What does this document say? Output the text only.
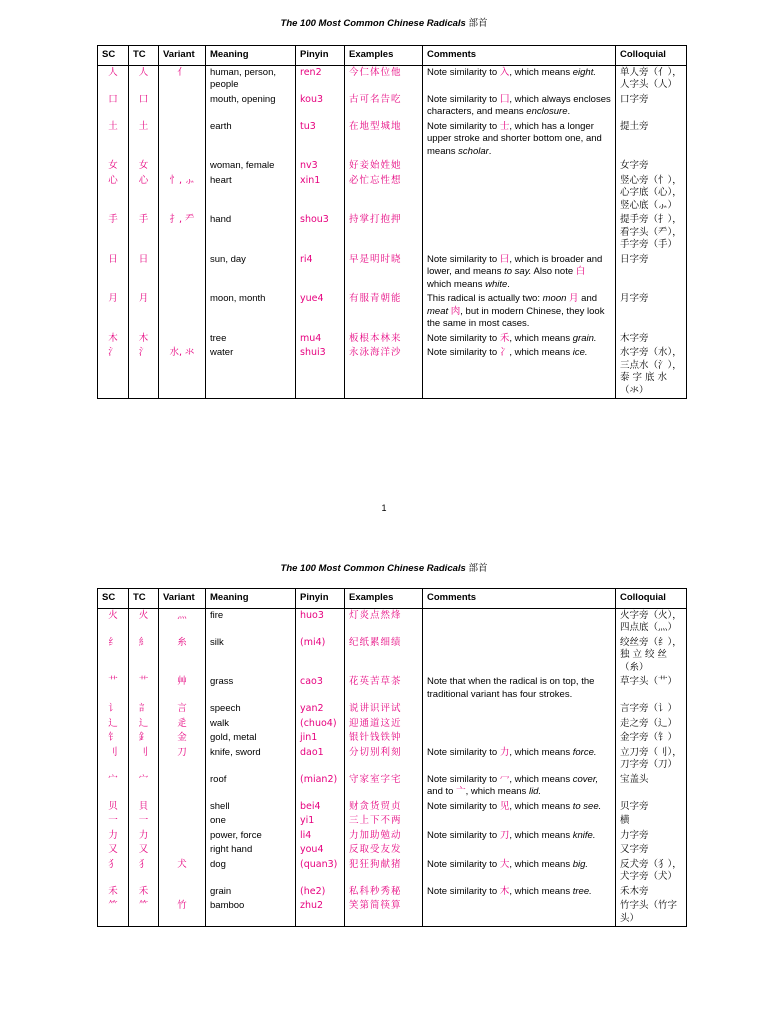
The 100 Most Common Chinese Radicals 部首
SC	TC	Variant	Meaning	Pinyin	Examples	Comments	Colloquial
人	人	亻	human, person, people	ren2	今仁体位他	Note similarity to 入, which means eight.	单人旁（亻），
人字头（人）
口	口		mouth, opening	kou3	古可名告吃	Note similarity to 囗, which always encloses characters, and means enclosure.	口字旁
土	土		earth	tu3	在地型城地	Note similarity to 士, which has a longer upper stroke and shorter bottom one, and means scholar.	提土旁
女	女		woman, female	nv3	好妾始姓她		女字旁
心	心	忄, ⺗	heart	xin1	必忙忘性想		竖心旁（忄），
心字底（心），
竖心底（⺗）
手	手	扌, 龵	hand	shou3	持掌打抱押		提手旁（扌），
看字头（龵），
手字旁（手）
日	日		sun, day	ri4	早是明时晓	Note similarity to 曰, which is broader and lower, and means to say. Also note 白 which means white.	日字旁
月	月		moon, month	yue4	有服青朝能	This radical is actually two: moon 月 and meat 肉, but in modern Chinese, they look the same in most cases.	月字旁
木	木		tree	mu4	板根本林来	Note similarity to 禾, which means grain.	木字旁
氵	氵	水, 氺	water	shui3	永泳海洋沙	Note similarity to 冫, which means ice.	水字旁（水），
三点水（氵），
泰 字 底 水
（氺）
1
The 100 Most Common Chinese Radicals 部首
SC	TC	Variant	Meaning	Pinyin	Examples	Comments	Colloquial
火	火	灬	fire	huo3	灯炎点然烽		火字旁（火），
四点底（灬）
纟	糹	糸	silk	(mi4)	纪纸累细绩		绞丝旁（纟），
独 立 绞 丝
（糸）
艹	艹	艸	grass	cao3	花英苦草茶	Note that when the radical is on top, the traditional variant has four strokes.	草字头（艹）
讠	訁	言	speech	yan2	说讲识评试		言字旁（讠）
辶	辶	辵	walk	(chuo4)	迎通道这近		走之旁（辶）
钅	釒	金	gold, metal	jin1	银针钱铁钟		金字旁（钅）
刂	刂	刀	knife, sword	dao1	分切别利刻	Note similarity to 力, which means force.	立刀旁（刂），
刀字旁（刀）
宀	宀		roof	(mian2)	守家室字宅	Note similarity to 冖, which means cover, and to 亠, which means lid.	宝盖头
贝	貝		shell	bei4	财贪货贸贞	Note similarity to 见, which means to see.	贝字旁
一	一		one	yi1	三上下不两		横
力	力		power, force	li4	力加助勉动	Note similarity to 刀, which means knife.	力字旁
又	又		right hand	you4	反取受友发		又字旁
犭	犭	犬	dog	(quan3)	犯狂狗献猪	Note similarity to 大, which means big.	反犬旁（犭），
犬字旁（犬）
禾	禾		grain	(he2)	私科秒秀秘	Note similarity to 木, which means tree.	禾木旁
⺮	⺮	竹	bamboo	zhu2	笑第简筷算		竹字头（竹字
头）
